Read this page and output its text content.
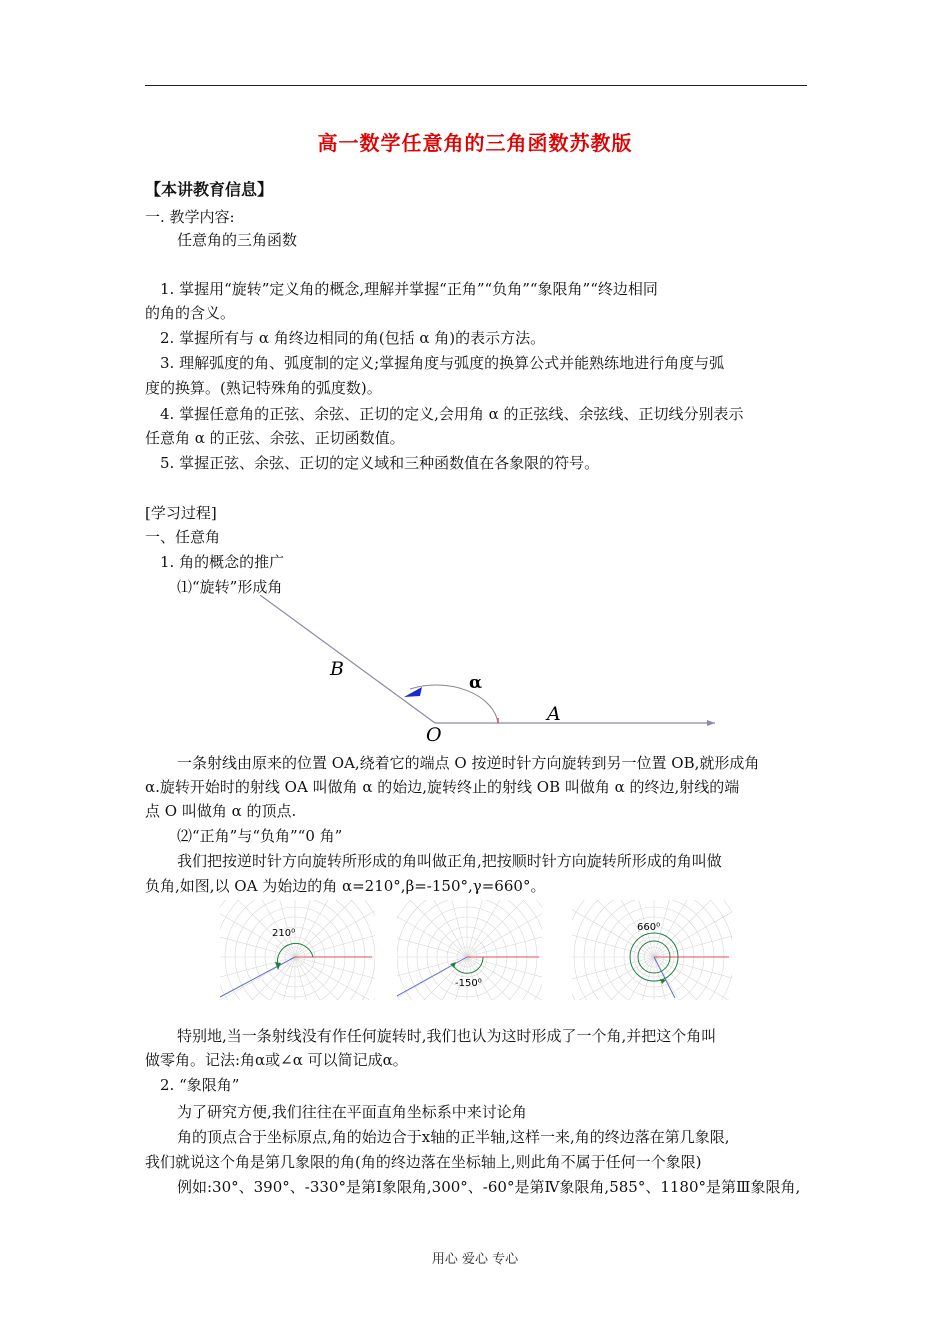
高一数学任意角的三角函数苏教版
【本讲教育信息】
一. 教学内容:
任意角的三角函数
1. 掌握用“旋转”定义角的概念,理解并掌握“正角”“负角”“象限角”“终边相同
的角的含义。
2. 掌握所有与 α 角终边相同的角(包括 α 角)的表示方法。
3. 理解弧度的角、弧度制的定义;掌握角度与弧度的换算公式并能熟练地进行角度与弧
度的换算。(熟记特殊角的弧度数)。
4. 掌握任意角的正弦、余弦、正切的定义,会用角 α 的正弦线、余弦线、正切线分别表示
任意角 α 的正弦、余弦、正切函数值。
5. 掌握正弦、余弦、正切的定义域和三种函数值在各象限的符号。
[学习过程]
一、任意角
1. 角的概念的推广
⑴“旋转”形成角
B
α
A
O
一条射线由原来的位置 OA,绕着它的端点 O 按逆时针方向旋转到另一位置 OB,就形成角
α.旋转开始时的射线 OA 叫做角 α 的始边,旋转终止的射线 OB 叫做角 α 的终边,射线的端
点 O 叫做角 α 的顶点.
⑵“正角”与“负角”“0 角”
我们把按逆时针方向旋转所形成的角叫做正角,把按顺时针方向旋转所形成的角叫做
负角,如图,以 OA 为始边的角 α=210°,β=-150°,γ=660°。
210⁰
-150⁰
660⁰
特别地,当一条射线没有作任何旋转时,我们也认为这时形成了一个角,并把这个角叫
做零角。记法:角α或∠α 可以简记成α。
2. “象限角”
为了研究方便,我们往往在平面直角坐标系中来讨论角
角的顶点合于坐标原点,角的始边合于x轴的正半轴,这样一来,角的终边落在第几象限,
我们就说这个角是第几象限的角(角的终边落在坐标轴上,则此角不属于任何一个象限)
例如:30°、390°、-330°是第Ⅰ象限角,300°、-60°是第Ⅳ象限角,585°、1180°是第Ⅲ象限角,
用心 爱心 专心
